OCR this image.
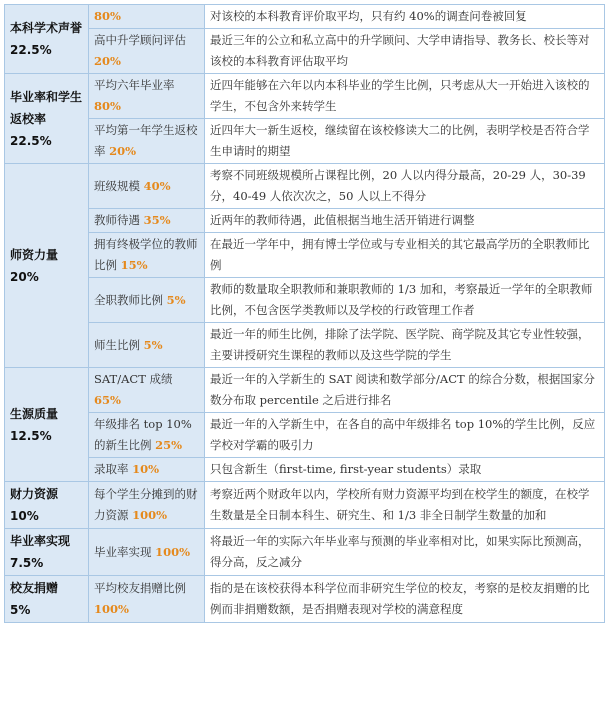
本科学术声誉
22.5%	80%	对该校的本科教育评价取平均，只有约 40%的调查问卷被回复
	高中升学顾问评估 20%	最近三年的公立和私立高中的升学顾问、大学申请指导、教务长、校长等对该校的本科教育评估取平均

毕业率和学生返校率
22.5%	平均六年毕业率 80%	近四年能够在六年以内本科毕业的学生比例，只考虑从大一开始进入该校的学生，不包含外来转学生
	平均第一年学生返校率 20%	近四年大一新生返校，继续留在该校修读大二的比例，表明学校是否符合学生申请时的期望

师资力量
20%	班级规模 40%	考察不同班级规模所占课程比例，20 人以内得分最高，20-29 人，30-39 分，40-49 人依次次之，50 人以上不得分
	教师待遇 35%	近两年的教师待遇，此值根据当地生活开销进行调整
	拥有终极学位的教师比例 15%	在最近一学年中，拥有博士学位或与专业相关的其它最高学历的全职教师比例
	全职教师比例 5%	教师的数量取全职教师和兼职教师的 1/3 加和，考察最近一学年的全职教师比例，不包含医学类教师以及学校的行政管理工作者
	师生比例 5%	最近一年的师生比例，排除了法学院、医学院、商学院及其它专业性较强，主要讲授研究生课程的教师以及这些学院的学生

生源质量
12.5%	SAT/ACT 成绩 65%	最近一年的入学新生的 SAT 阅读和数学部分/ACT 的综合分数，根据国家分数分布取 percentile 之后进行排名
	年级排名 top 10%的新生比例 25%	最近一年的入学新生中，在各自的高中年级排名 top 10%的学生比例，反应学校对学霸的吸引力
	录取率 10%	只包含新生（first-time, first-year students）录取

财力资源
10%	每个学生分摊到的财力资源 100%	考察近两个财政年以内，学校所有财力资源平均到在校学生的额度，在校学生数量是全日制本科生、研究生、和 1/3 非全日制学生数量的加和

毕业率实现
7.5%	毕业率实现 100%	将最近一年的实际六年毕业率与预测的毕业率相对比，如果实际比预测高，得分高，反之减分

校友捐赠
5%	平均校友捐赠比例 100%	指的是在该校获得本科学位而非研究生学位的校友，考察的是校友捐赠的比例而非捐赠数额，是否捐赠表现对学校的满意程度
